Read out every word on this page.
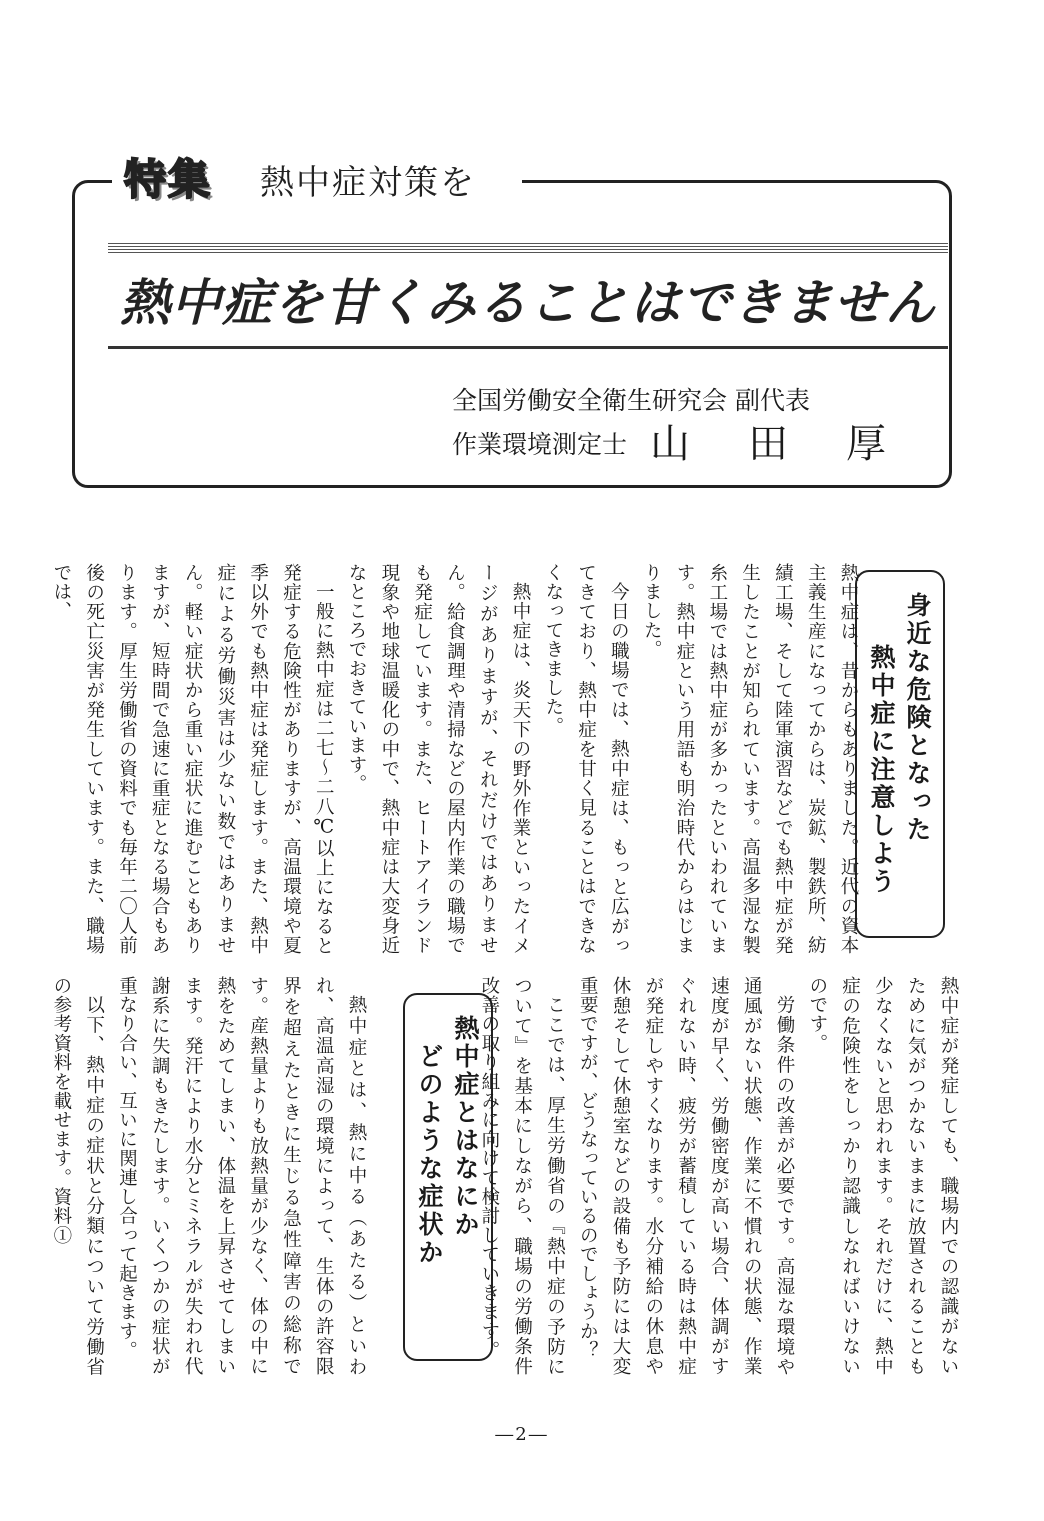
特集 熱中症対策を
熱中症を甘くみることはできません
全国労働安全衛生研究会 副代表
作業環境測定士 山田厚
身近な危険となった
熱中症に注意しよう
熱中症とはなにか
どのような症状か

熱中症は、昔からもありました。近代の資本主義生産になってからは、炭鉱、製鉄所、紡績工場、そして陸軍演習などでも熱中症が発生したことが知られています。高温多湿な製糸工場では熱中症が多かったといわれています。熱中症という用語も明治時代からはじまりました。

今日の職場では、熱中症は、もっと広がってきており、熱中症を甘く見ることはできなくなってきました。

熱中症は、炎天下の野外作業といったイメージがありますが、それだけではありません。給食調理や清掃などの屋内作業の職場でも発症しています。また、ヒートアイランド現象や地球温暖化の中で、熱中症は大変身近なところでおきています。

一般に熱中症は二七～二八℃以上になると発症する危険性がありますが、高温環境や夏季以外でも熱中症は発症します。また、熱中症による労働災害は少ない数ではありません。軽い症状から重い症状に進むこともありますが、短時間で急速に重症となる場合もあります。厚生労働省の資料でも毎年二〇人前後の死亡災害が発生しています。また、職場では、

熱中症が発症しても、職場内での認識がないために気がつかないままに放置されることも少なくないと思われます。それだけに、熱中症の危険性をしっかり認識しなればいけないのです。

労働条件の改善が必要です。高湿な環境や通風がない状態、作業に不慣れの状態、作業速度が早く、労働密度が高い場合、体調がすぐれない時、疲労が蓄積している時は熱中症が発症しやすくなります。水分補給の休息や休憩そして休憩室などの設備も予防には大変重要ですが、どうなっているのでしょうか？

ここでは、厚生労働省の『熱中症の予防について』を基本にしながら、職場の労働条件改善の取り組みに向けて検討していきます。

熱中症とは、熱に中る（あたる）といわれ、高温高湿の環境によって、生体の許容限界を超えたときに生じる急性障害の総称です。産熱量よりも放熱量が少なく、体の中に熱をためてしまい、体温を上昇させてしまいます。発汗により水分とミネラルが失われ代謝系に失調もきたします。いくつかの症状が重なり合い、互いに関連し合って起きます。

以下、熱中症の症状と分類について労働省の参考資料を載せます。資料①

―2―
